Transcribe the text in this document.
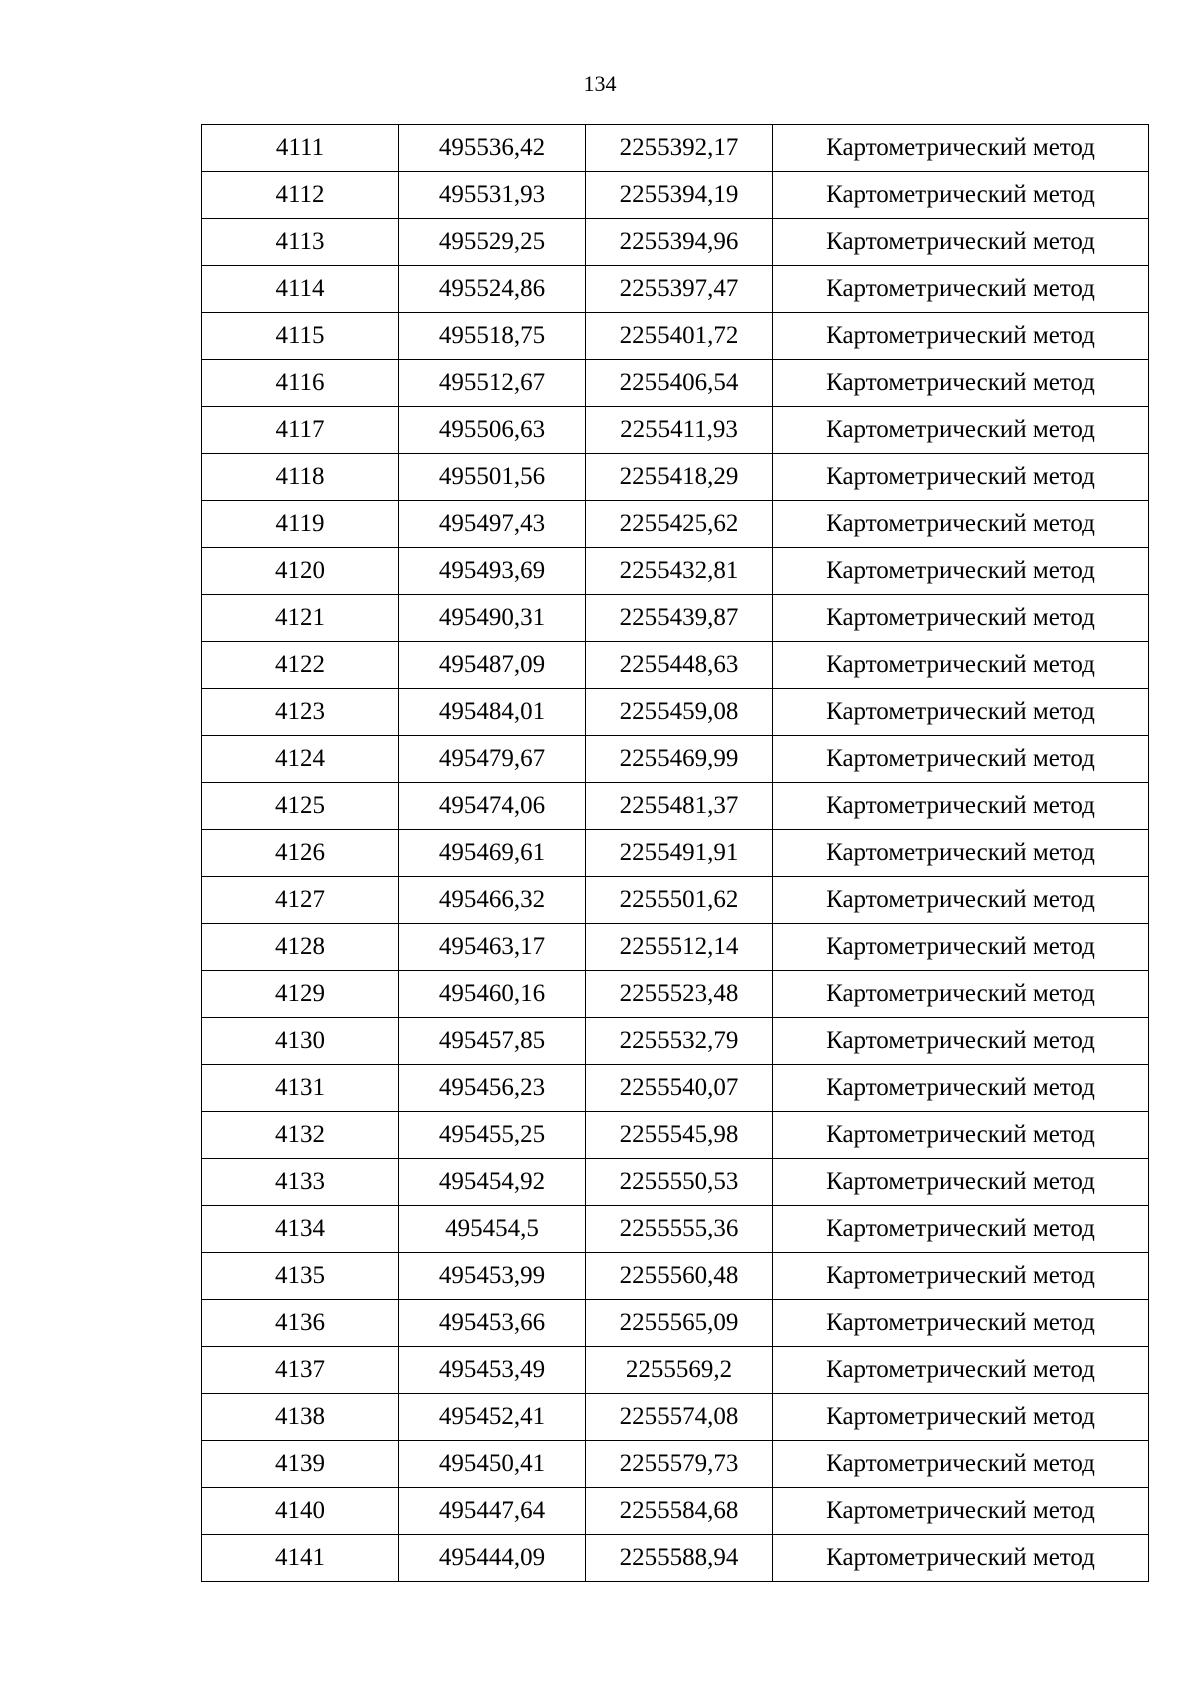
134
4111	495536,42	2255392,17	Картометрический метод
4112	495531,93	2255394,19	Картометрический метод
4113	495529,25	2255394,96	Картометрический метод
4114	495524,86	2255397,47	Картометрический метод
4115	495518,75	2255401,72	Картометрический метод
4116	495512,67	2255406,54	Картометрический метод
4117	495506,63	2255411,93	Картометрический метод
4118	495501,56	2255418,29	Картометрический метод
4119	495497,43	2255425,62	Картометрический метод
4120	495493,69	2255432,81	Картометрический метод
4121	495490,31	2255439,87	Картометрический метод
4122	495487,09	2255448,63	Картометрический метод
4123	495484,01	2255459,08	Картометрический метод
4124	495479,67	2255469,99	Картометрический метод
4125	495474,06	2255481,37	Картометрический метод
4126	495469,61	2255491,91	Картометрический метод
4127	495466,32	2255501,62	Картометрический метод
4128	495463,17	2255512,14	Картометрический метод
4129	495460,16	2255523,48	Картометрический метод
4130	495457,85	2255532,79	Картометрический метод
4131	495456,23	2255540,07	Картометрический метод
4132	495455,25	2255545,98	Картометрический метод
4133	495454,92	2255550,53	Картометрический метод
4134	495454,5	2255555,36	Картометрический метод
4135	495453,99	2255560,48	Картометрический метод
4136	495453,66	2255565,09	Картометрический метод
4137	495453,49	2255569,2	Картометрический метод
4138	495452,41	2255574,08	Картометрический метод
4139	495450,41	2255579,73	Картометрический метод
4140	495447,64	2255584,68	Картометрический метод
4141	495444,09	2255588,94	Картометрический метод
